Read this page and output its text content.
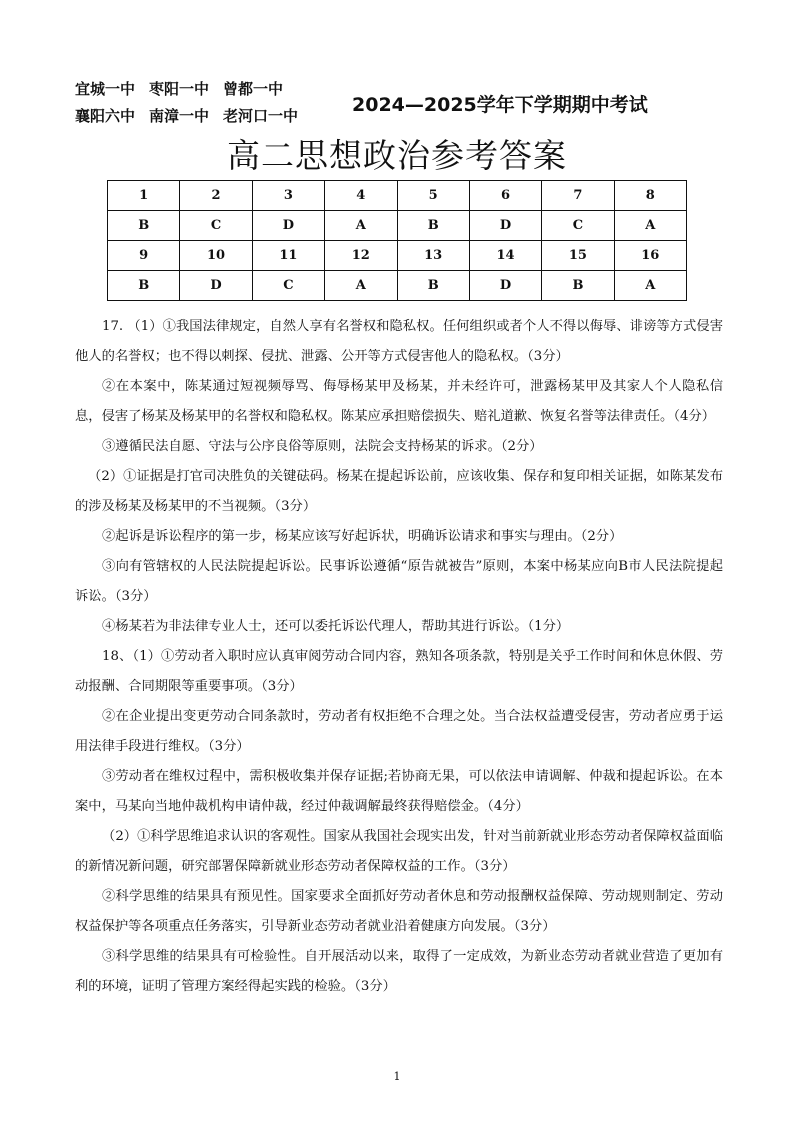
宜城一中 枣阳一中 曾都一中
襄阳六中 南漳一中 老河口一中	2024—2025学年下学期期中考试
高二思想政治参考答案
1	2	3	4	5	6	7	8
B	C	D	A	B	D	C	A
9	10	11	12	13	14	15	16
B	D	C	A	B	D	B	A

17. （1）①我国法律规定，自然人享有名誉权和隐私权。任何组织或者个人不得以侮辱、诽谤等方式侵害他人的名誉权；也不得以刺探、侵扰、泄露、公开等方式侵害他人的隐私权。（3分）

②在本案中，陈某通过短视频辱骂、侮辱杨某甲及杨某，并未经许可，泄露杨某甲及其家人个人隐私信息，侵害了杨某及杨某甲的名誉权和隐私权。陈某应承担赔偿损失、赔礼道歉、恢复名誉等法律责任。（4分）

③遵循民法自愿、守法与公序良俗等原则，法院会支持杨某的诉求。（2分）

（2）①证据是打官司决胜负的关键砝码。杨某在提起诉讼前，应该收集、保存和复印相关证据，如陈某发布的涉及杨某及杨某甲的不当视频。（3分）

②起诉是诉讼程序的第一步，杨某应该写好起诉状，明确诉讼请求和事实与理由。（2分）

③向有管辖权的人民法院提起诉讼。民事诉讼遵循“原告就被告”原则，本案中杨某应向B市人民法院提起诉讼。（3分）

④杨某若为非法律专业人士，还可以委托诉讼代理人，帮助其进行诉讼。（1分）

18、（1）①劳动者入职时应认真审阅劳动合同内容，熟知各项条款，特别是关乎工作时间和休息休假、劳动报酬、合同期限等重要事项。（3分）

②在企业提出变更劳动合同条款时，劳动者有权拒绝不合理之处。当合法权益遭受侵害，劳动者应勇于运用法律手段进行维权。（3分）

③劳动者在维权过程中，需积极收集并保存证据;若协商无果，可以依法申请调解、仲裁和提起诉讼。在本案中，马某向当地仲裁机构申请仲裁，经过仲裁调解最终获得赔偿金。（4分）

（2）①科学思维追求认识的客观性。国家从我国社会现实出发，针对当前新就业形态劳动者保障权益面临的新情况新问题，研究部署保障新就业形态劳动者保障权益的工作。（3分）

②科学思维的结果具有预见性。国家要求全面抓好劳动者休息和劳动报酬权益保障、劳动规则制定、劳动权益保护等各项重点任务落实，引导新业态劳动者就业沿着健康方向发展。（3分）

③科学思维的结果具有可检验性。自开展活动以来，取得了一定成效，为新业态劳动者就业营造了更加有利的环境，证明了管理方案经得起实践的检验。（3分）

1
